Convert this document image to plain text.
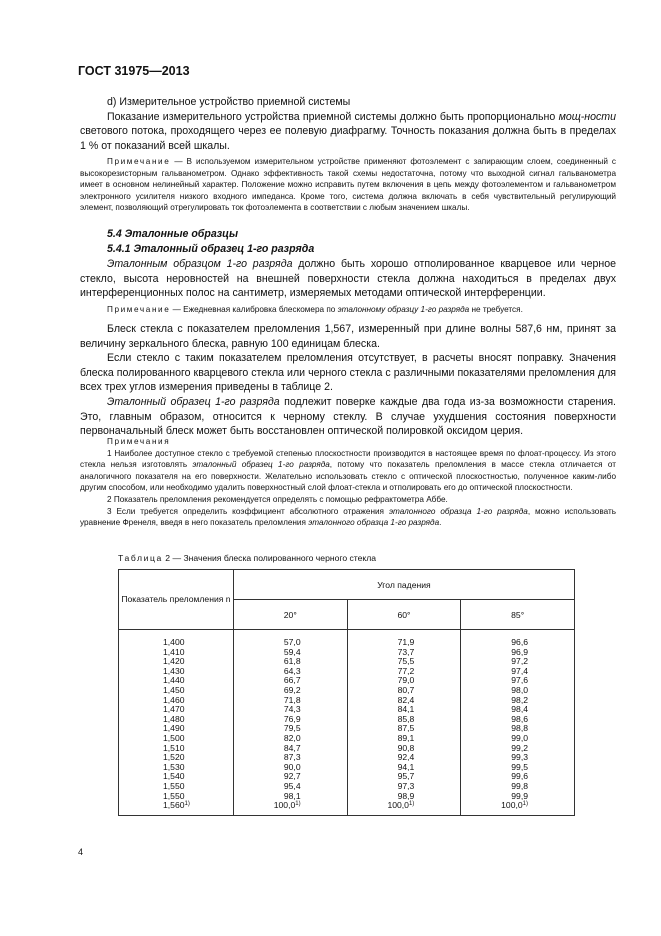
ГОСТ 31975—2013

d) Измерительное устройство приемной системы

Показание измерительного устройства приемной системы должно быть пропорционально мощ-ности светового потока, проходящего через ее полевую диафрагму. Точность показания должна быть в пределах 1 % от показаний всей шкалы.

Примечание — В используемом измерительном устройстве применяют фотоэлемент с запирающим слоем, соединенный с высокорезисторным гальванометром. Однако эффективность такой схемы недостаточна, потому что выходной сигнал гальванометра имеет в основном нелинейный характер. Положение можно исправить путем включения в цепь между фотоэлементом и гальванометром электронного усилителя низкого входного импеданса. Кроме того, система должна включать в себя чувствительный регулирующий элемент, позволяющий отрегулировать ток фотоэлемента в соответствии с любым значением шкалы.

5.4 Эталонные образцы

5.4.1 Эталонный образец 1-го разряда

Эталонным образцом 1-го разряда должно быть хорошо отполированное кварцевое или черное стекло, высота неровностей на внешней поверхности стекла должна находиться в пределах двух интерференционных полос на сантиметр, измеряемых методами оптической интерференции.

Примечание — Ежедневная калибровка блескомера по эталонному образцу 1-го разряда не требуется.

Блеск стекла с показателем преломления 1,567, измеренный при длине волны 587,6 нм, принят за величину зеркального блеска, равную 100 единицам блеска.

Если стекло с таким показателем преломления отсутствует, в расчеты вносят поправку. Значения блеска полированного кварцевого стекла или черного стекла с различными показателями преломления для всех трех углов измерения приведены в таблице 2.

Эталонный образец 1-го разряда подлежит поверке каждые два года из-за возможности старения. Это, главным образом, относится к черному стеклу. В случае ухудшения состояния поверхности первоначальный блеск может быть восстановлен оптической полировкой оксидом церия.

Примечания

1 Наиболее доступное стекло с требуемой степенью плоскостности производится в настоящее время по флоат-процессу. Из этого стекла нельзя изготовлять эталонный образец 1-го разряда, потому что показатель преломления в массе стекла отличается от аналогичного показателя на его поверхности. Желательно использовать стекло с оптической плоскостностью, полученное каким-либо другим способом, или необходимо удалить поверхностный слой флоат-стекла и отполировать его до оптической плоскостности.

2 Показатель преломления рекомендуется определять с помощью рефрактометра Аббе.

3 Если требуется определить коэффициент абсолютного отражения эталонного образца 1-го разряда, можно использовать уравнение Френеля, введя в него показатель преломления эталонного образца 1-го разряда.

Таблица 2 — Значения блеска полированного черного стекла
Показатель преломления n	Угол падения		
	20°	60°	85°

1,400	57,0	71,9	96,6

1,410	59,4	73,7	96,9

1,420	61,8	75,5	97,2

1,430	64,3	77,2	97,4

1,440	66,7	79,0	97,6

1,450	69,2	80,7	98,0

1,460	71,8	82,4	98,2

1,470	74,3	84,1	98,4

1,480	76,9	85,8	98,6

1,490	79,5	87,5	98,8

1,500	82,0	89,1	99,0

1,510	84,7	90,8	99,2

1,520	87,3	92,4	99,3

1,530	90,0	94,1	99,5

1,540	92,7	95,7	99,6

1,550	95,4	97,3	99,8

1,550	98,1	98,9	99,9

1,560$^{1)}$	100,0$^{1)}$	100,0$^{1)}$	100,0$^{1)}$
4
